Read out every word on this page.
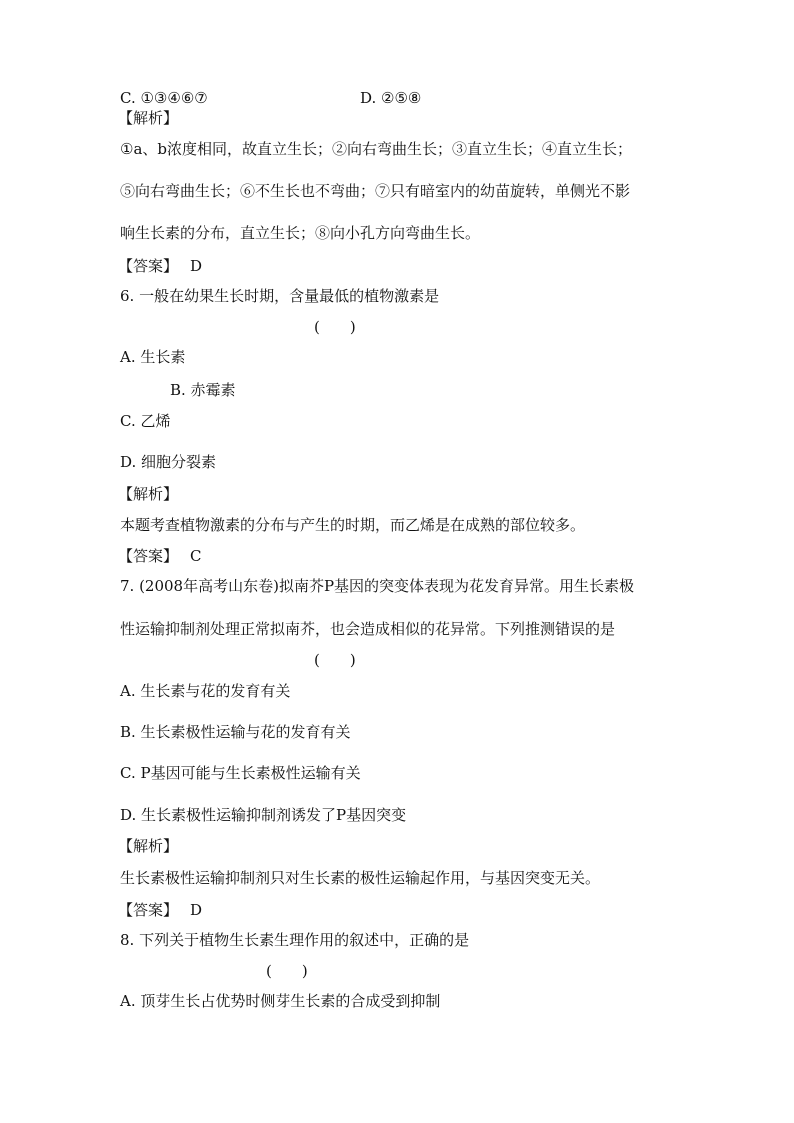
C. ①③④⑥⑦	D. ②⑤⑧
【解析】
①a、b浓度相同，故直立生长；②向右弯曲生长；③直立生长；④直立生长；
⑤向右弯曲生长；⑥不生长也不弯曲；⑦只有暗室内的幼苗旋转，单侧光不影
响生长素的分布，直立生长；⑧向小孔方向弯曲生长。
【答案】 D
6. 一般在幼果生长时期，含量最低的植物激素是
(　　)
A. 生长素
B. 赤霉素
C. 乙烯
D. 细胞分裂素
【解析】
本题考查植物激素的分布与产生的时期，而乙烯是在成熟的部位较多。
【答案】 C
7. (2008年高考山东卷)拟南芥P基因的突变体表现为花发育异常。用生长素极
性运输抑制剂处理正常拟南芥，也会造成相似的花异常。下列推测错误的是
(　　)
A. 生长素与花的发育有关
B. 生长素极性运输与花的发育有关
C. P基因可能与生长素极性运输有关
D. 生长素极性运输抑制剂诱发了P基因突变
【解析】
生长素极性运输抑制剂只对生长素的极性运输起作用，与基因突变无关。
【答案】 D
8. 下列关于植物生长素生理作用的叙述中，正确的是
(　　)
A. 顶芽生长占优势时侧芽生长素的合成受到抑制
